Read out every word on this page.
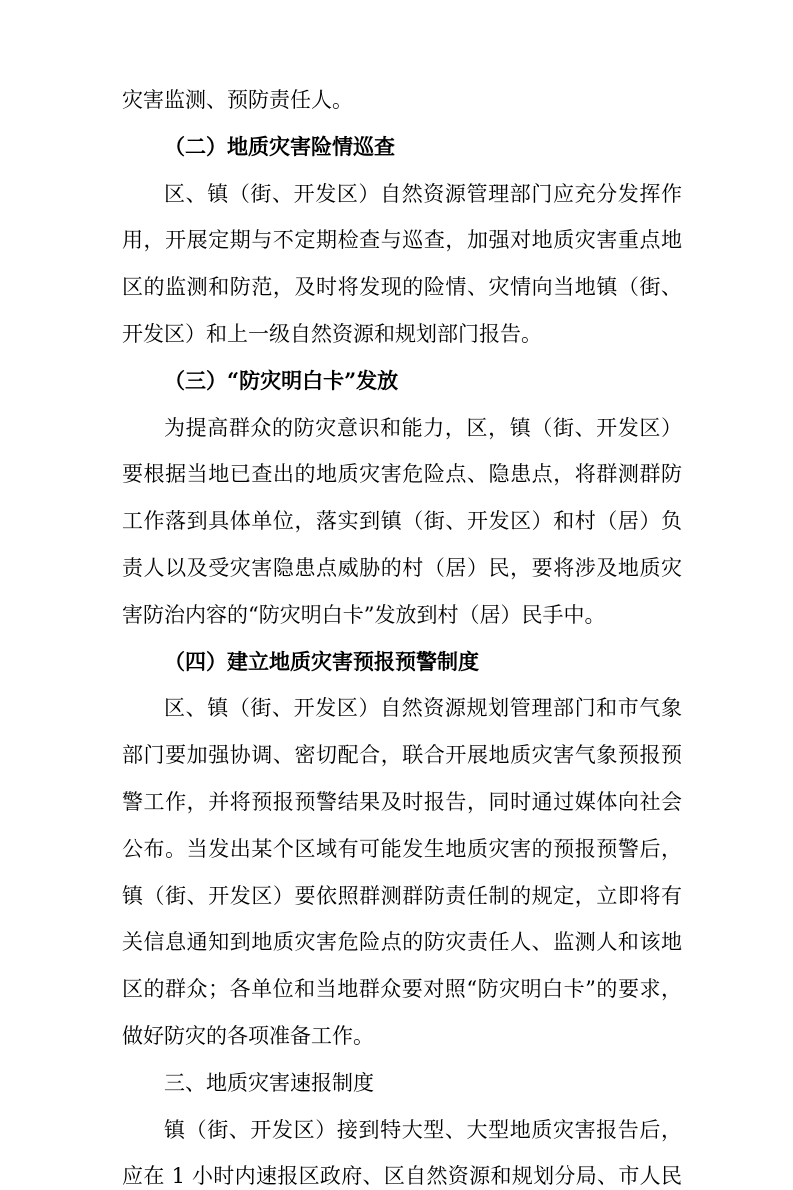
灾害监测、预防责任人。
（二）地质灾害险情巡查
区、镇（街、开发区）自然资源管理部门应充分发挥作
用，开展定期与不定期检查与巡查，加强对地质灾害重点地
区的监测和防范，及时将发现的险情、灾情向当地镇（街、
开发区）和上一级自然资源和规划部门报告。
（三）“防灾明白卡”发放
为提高群众的防灾意识和能力，区，镇（街、开发区）
要根据当地已查出的地质灾害危险点、隐患点，将群测群防
工作落到具体单位，落实到镇（街、开发区）和村（居）负
责人以及受灾害隐患点威胁的村（居）民，要将涉及地质灾
害防治内容的“防灾明白卡”发放到村（居）民手中。
（四）建立地质灾害预报预警制度
区、镇（街、开发区）自然资源规划管理部门和市气象
部门要加强协调、密切配合，联合开展地质灾害气象预报预
警工作，并将预报预警结果及时报告，同时通过媒体向社会
公布。当发出某个区域有可能发生地质灾害的预报预警后，
镇（街、开发区）要依照群测群防责任制的规定，立即将有
关信息通知到地质灾害危险点的防灾责任人、监测人和该地
区的群众；各单位和当地群众要对照“防灾明白卡”的要求，
做好防灾的各项准备工作。
三、地质灾害速报制度
镇（街、开发区）接到特大型、大型地质灾害报告后，
应在 1 小时内速报区政府、区自然资源和规划分局、市人民
